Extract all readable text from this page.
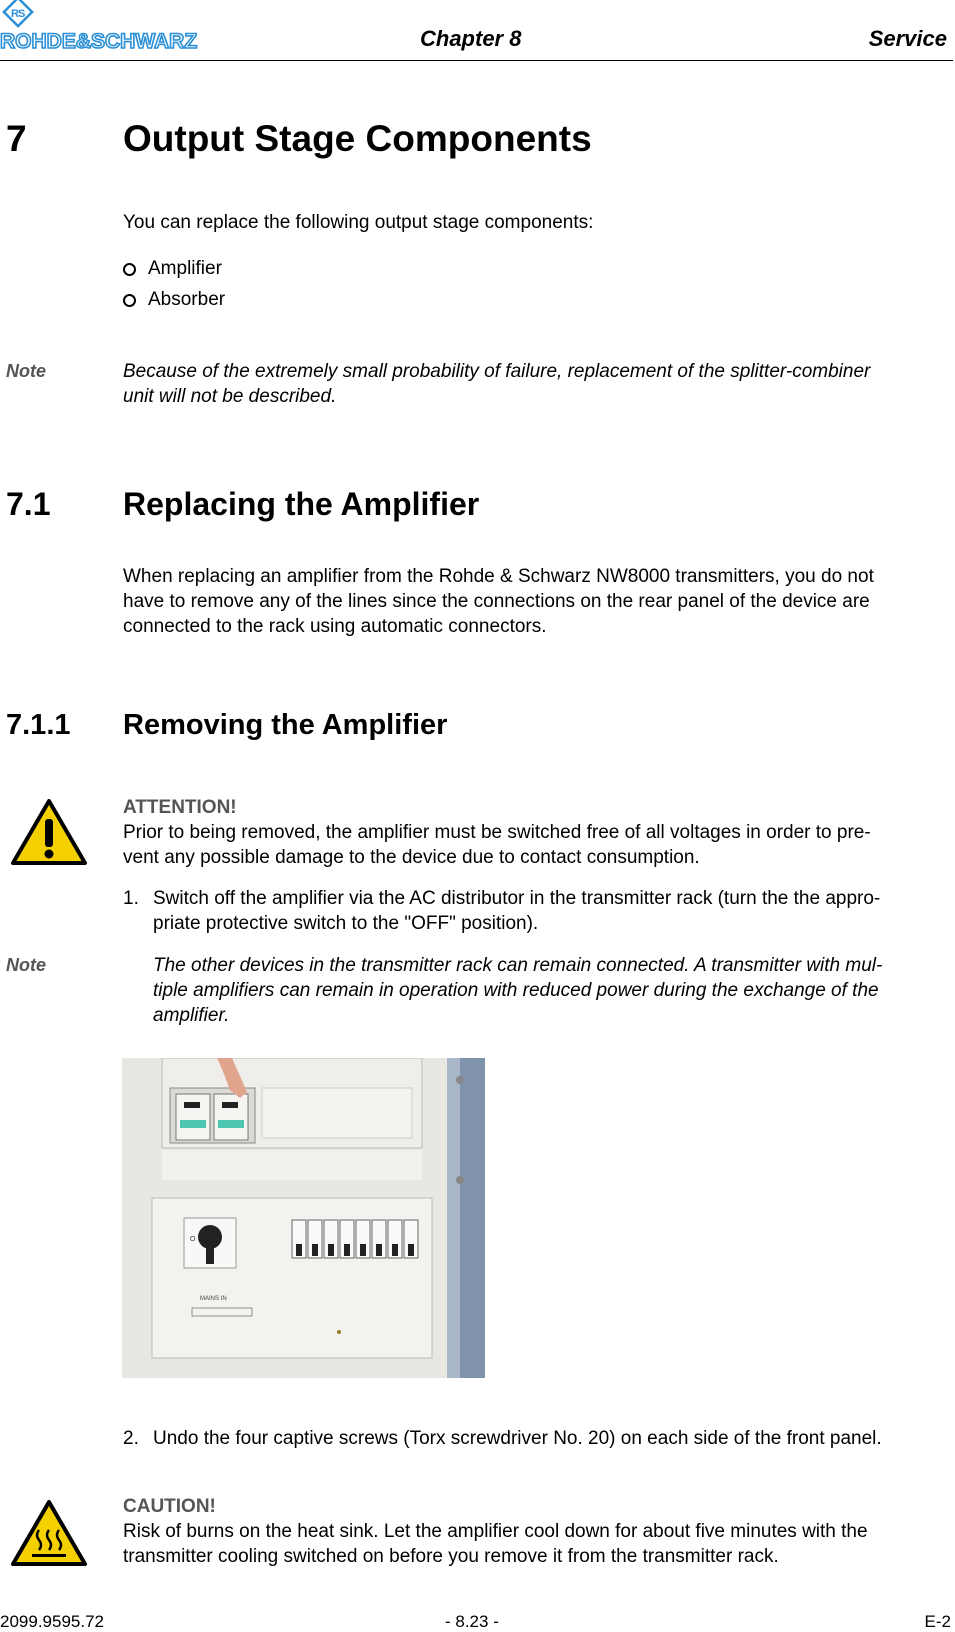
R S
ROHDE&SCHWARZ	Chapter 8	Service
7	Output Stage Components
You can replace the following output stage components:
Amplifier
Absorber
Note	Because of the extremely small probability of failure, replacement of the splitter-combiner
unit will not be described.
7.1 Replacing the Amplifier
When replacing an amplifier from the Rohde & Schwarz NW8000 transmitters, you do not
have to remove any of the lines since the connections on the rear panel of the device are
connected to the rack using automatic connectors.
7.1.1 Removing the Amplifier
ATTENTION!
Prior to being removed, the amplifier must be switched free of all voltages in order to pre-
vent any possible damage to the device due to contact consumption.
1. Switch off the amplifier via the AC distributor in the transmitter rack (turn the the appro-
priate protective switch to the "OFF" position).
Note	The other devices in the transmitter rack can remain connected. A transmitter with mul-
tiple amplifiers can remain in operation with reduced power during the exchange of the
amplifier.
O
MAINS IN
2. Undo the four captive screws (Torx screwdriver No. 20) on each side of the front panel.
CAUTION!
Risk of burns on the heat sink. Let the amplifier cool down for about five minutes with the
transmitter cooling switched on before you remove it from the transmitter rack.
2099.9595.72	- 8.23 -	E-2
